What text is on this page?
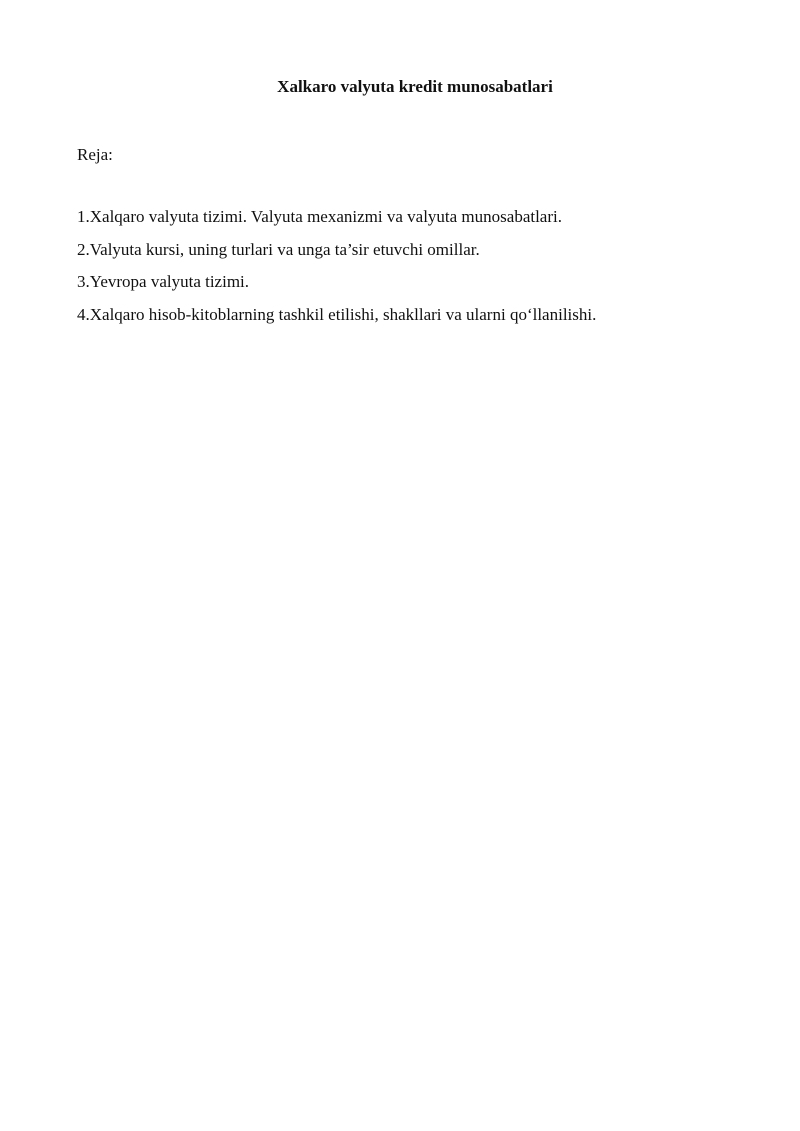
Xalkaro valyuta kredit munosabatlari

Reja:

1.Xalqaro valyuta tizimi. Valyuta mexanizmi va valyuta munosabatlari.
2.Valyuta kursi, uning turlari va unga ta’sir etuvchi omillar.
3.Yevropa valyuta tizimi.
4.Xalqaro hisob-kitoblarning tashkil etilishi, shakllari va ularni qo‘llanilishi.
